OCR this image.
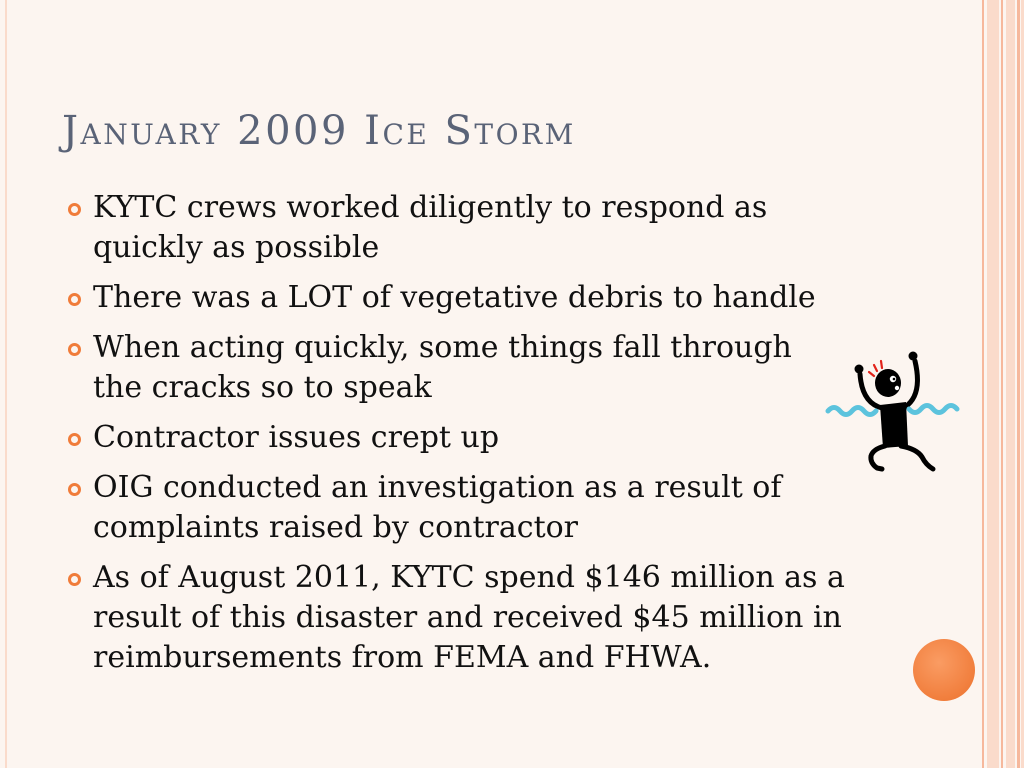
January 2009 Ice Storm
KYTC crews worked diligently to respond as
quickly as possible
There was a LOT of vegetative debris to handle
When acting quickly, some things fall through
the cracks so to speak
Contractor issues crept up
OIG conducted an investigation as a result of
complaints raised by contractor
As of August 2011, KYTC spend $146 million as a
result of this disaster and received $45 million in
reimbursements from FEMA and FHWA.
